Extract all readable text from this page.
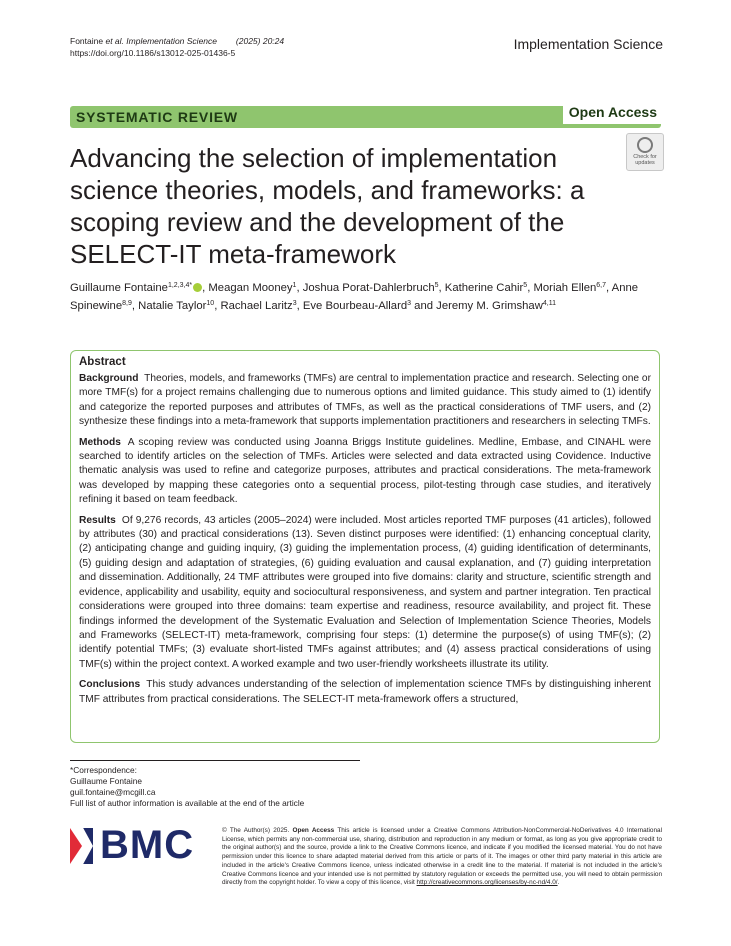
Fontaine et al. Implementation Science (2025) 20:24
https://doi.org/10.1186/s13012-025-01436-5
Implementation Science
SYSTEMATIC REVIEW	Open Access
Advancing the selection of implementation science theories, models, and frameworks: a scoping review and the development of the SELECT-IT meta-framework
Check for
updates
Guillaume Fontaine$^{1,2,3,4*}$ , Meagan Mooney$^1$, Joshua Porat-Dahlerbruch$^5$, Katherine Cahir$^5$, Moriah Ellen$^{6,7}$, Anne Spinewine$^{8,9}$, Natalie Taylor$^{10}$, Rachael Laritz$^3$, Eve Bourbeau-Allard$^3$ and Jeremy M. Grimshaw$^{4,11}$
Abstract

Background Theories, models, and frameworks (TMFs) are central to implementation practice and research. Selecting one or more TMF(s) for a project remains challenging due to numerous options and limited guidance. This study aimed to (1) identify and categorize the reported purposes and attributes of TMFs, as well as the practical considerations of TMF users, and (2) synthesize these findings into a meta-framework that supports implementation practitioners and researchers in selecting TMFs.

Methods A scoping review was conducted using Joanna Briggs Institute guidelines. Medline, Embase, and CINAHL were searched to identify articles on the selection of TMFs. Articles were selected and data extracted using Covidence. Inductive thematic analysis was used to refine and categorize purposes, attributes and practical considerations. The meta-framework was developed by mapping these categories onto a sequential process, pilot-testing through case studies, and iteratively refining it based on team feedback.

Results Of 9,276 records, 43 articles (2005–2024) were included. Most articles reported TMF purposes (41 articles), followed by attributes (30) and practical considerations (13). Seven distinct purposes were identified: (1) enhancing conceptual clarity, (2) anticipating change and guiding inquiry, (3) guiding the implementation process, (4) guiding identification of determinants, (5) guiding design and adaptation of strategies, (6) guiding evaluation and causal explanation, and (7) guiding interpretation and dissemination. Additionally, 24 TMF attributes were grouped into five domains: clarity and structure, scientific strength and evidence, applicability and usability, equity and sociocultural responsiveness, and system and partner integration. Ten practical considerations were grouped into three domains: team expertise and readiness, resource availability, and project fit. These findings informed the development of the Systematic Evaluation and Selection of Implementation Science Theories, Models and Frameworks (SELECT-IT) meta-framework, comprising four steps: (1) determine the purpose(s) of using TMF(s); (2) identify potential TMFs; (3) evaluate short-listed TMFs against attributes; and (4) assess practical considerations of using TMF(s) within the project context. A worked example and two user-friendly worksheets illustrate its utility.

Conclusions This study advances understanding of the selection of implementation science TMFs by distinguishing inherent TMF attributes from practical considerations. The SELECT-IT meta-framework offers a structured,

*Correspondence:
Guillaume Fontaine
guil.fontaine@mcgill.ca
Full list of author information is available at the end of the article
BMC	© The Author(s) 2025. Open Access This article is licensed under a Creative Commons Attribution-NonCommercial-NoDerivatives 4.0 International License, which permits any non-commercial use, sharing, distribution and reproduction in any medium or format, as long as you give appropriate credit to the original author(s) and the source, provide a link to the Creative Commons licence, and indicate if you modified the licensed material. You do not have permission under this licence to share adapted material derived from this article or parts of it. The images or other third party material in this article are included in the article's Creative Commons licence, unless indicated otherwise in a credit line to the material. If material is not included in the article's Creative Commons licence and your intended use is not permitted by statutory regulation or exceeds the permitted use, you will need to obtain permission directly from the copyright holder. To view a copy of this licence, visit http://creativecommons.org/licenses/by-nc-nd/4.0/.
